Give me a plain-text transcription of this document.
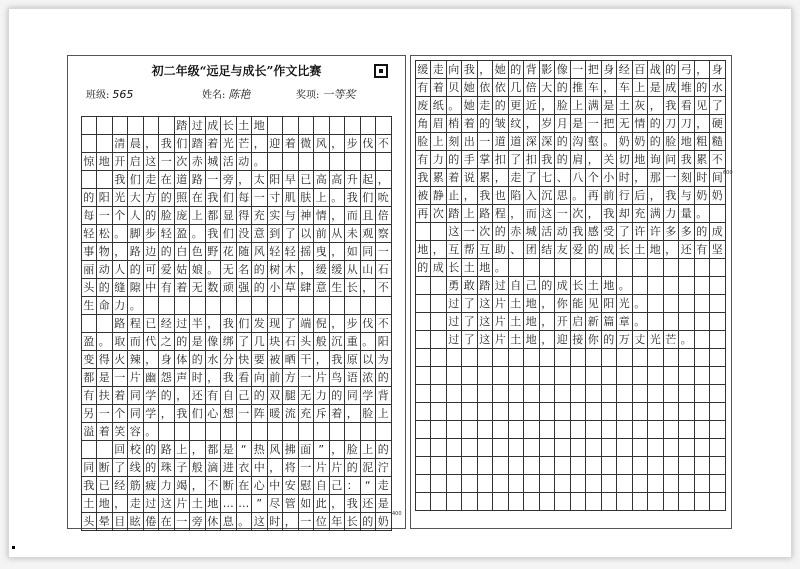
初二年级“远足与成长”作文比赛
班级: 565	姓名: 陈艳	奖项: 一等奖
踏 过 成 长 土 地
清 晨 ， 我 们 踏 着 光 芒 ， 迎 着 微 风 ， 步 伐 不
惊 地 开 启 这 一 次 赤 城 活 动 。
我 们 走 在 道 路 一 旁 ， 太 阳 早 已 高 高 升 起 ，
的 阳 光 大 方 的 照 在 我 们 每 一 寸 肌 肤 上 。 我 们 吮
每 一 个 人 的 脸 庞 上 都 显 得 充 实 与 神 情 ， 而 且 倍
轻 松 。 脚 步 轻 盈 。 我 们 没 意 到 了 以 前 从 未 观 察
事 物 ， 路 边 的 白 色 野 花 随 风 轻 轻 摇 曳 ， 如 同 一
丽 动 人 的 可 爱 姑 娘 。 无 名 的 树 木 ， 缓 缓 从 山 石
头 的 缝 隙 中 有 着 无 数 顽 强 的 小 草 肆 意 生 长 ， 不
生 命 力 。
路 程 已 经 过 半 ， 我 们 发 现 了 端 倪 ， 步 伐 不
盈 。 取 而 代 之 的 是 像 绑 了 几 块 石 头 般 沉 重 。 阳
变 得 火 辣 ， 身 体 的 水 分 快 要 被 晒 干 ， 我 原 以 为
都 是 一 片 幽 怨 声 时 ， 我 看 向 前 方 一 片 鸟 语 浓 的
有 扶 着 同 学 的 ， 还 有 自 己 的 双 腿 无 力 的 同 学 背
另 一 个 同 学 ， 我 们 心 想 一 阵 暖 流 充 斥 着 ， 脸 上
溢 着 笑 容 。
回 校 的 路 上 ， 都 是 “ 热 风 拂 面 ” ， 脸 上 的
同 断 了 线 的 珠 子 般 滴 进 衣 中 ， 将 一 片 片 的 泥 泞
我 已 经 筋 疲 力 竭 ， 不 断 在 心 中 安 慰 自 己 ： “ 走
土 地 ， 走 过 这 片 土 地 … … ” 尽 管 如 此 ， 我 还 是
头 晕 目 眩 倦 在 一 旁 休 息 。 这 时 ， 一 位 年 长 的 奶
400
缓 走 向 我 ， 她 的 背 影 像 一 把 身 经 百 战 的 弓 ， 身
有 着 贝 她 依 依 几 倍 大 的 推 车 ， 车 上 是 成 堆 的 水
废 纸 。 她 走 的 更 近 ， 脸 上 满 是 土 灰 ， 我 看 见 了
角 眉 梢 着 的 皱 纹 ， 岁 月 是 一 把 无 情 的 刀 刀 ， 硬
脸 上 刻 出 一 道 道 深 深 的 沟 壑 。 奶 奶 的 脸 地 粗 糙
有 力 的 手 掌 扣 了 扣 我 的 肩 ， 关 切 地 询 问 我 累 不
我 累 着 说 累 ， 走 了 七 、 八 个 小 时 ， 那 一 刻 时 间
被 静 止 ， 我 也 陷 入 沉 思 。 再 前 行 后 ， 我 与 奶 奶
再 次 踏 上 路 程 ， 而 这 一 次 ， 我 却 充 满 力 量 。
这 一 次 的 赤 城 活 动 我 感 受 了 许 许 多 多 的 成
地 ， 互 帮 互 助 、 团 结 友 爱 的 成 长 土 地 ， 还 有 坚
的 成 长 土 地 。
勇 敢 踏 过 自 己 的 成 长 土 地 。
过 了 这 片 土 地 ， 你 能 见 阳 光 。
过 了 这 片 土 地 ， 开 启 新 篇 章 。
过 了 这 片 土 地 ， 迎 接 你 的 万 丈 光 芒 。
600
